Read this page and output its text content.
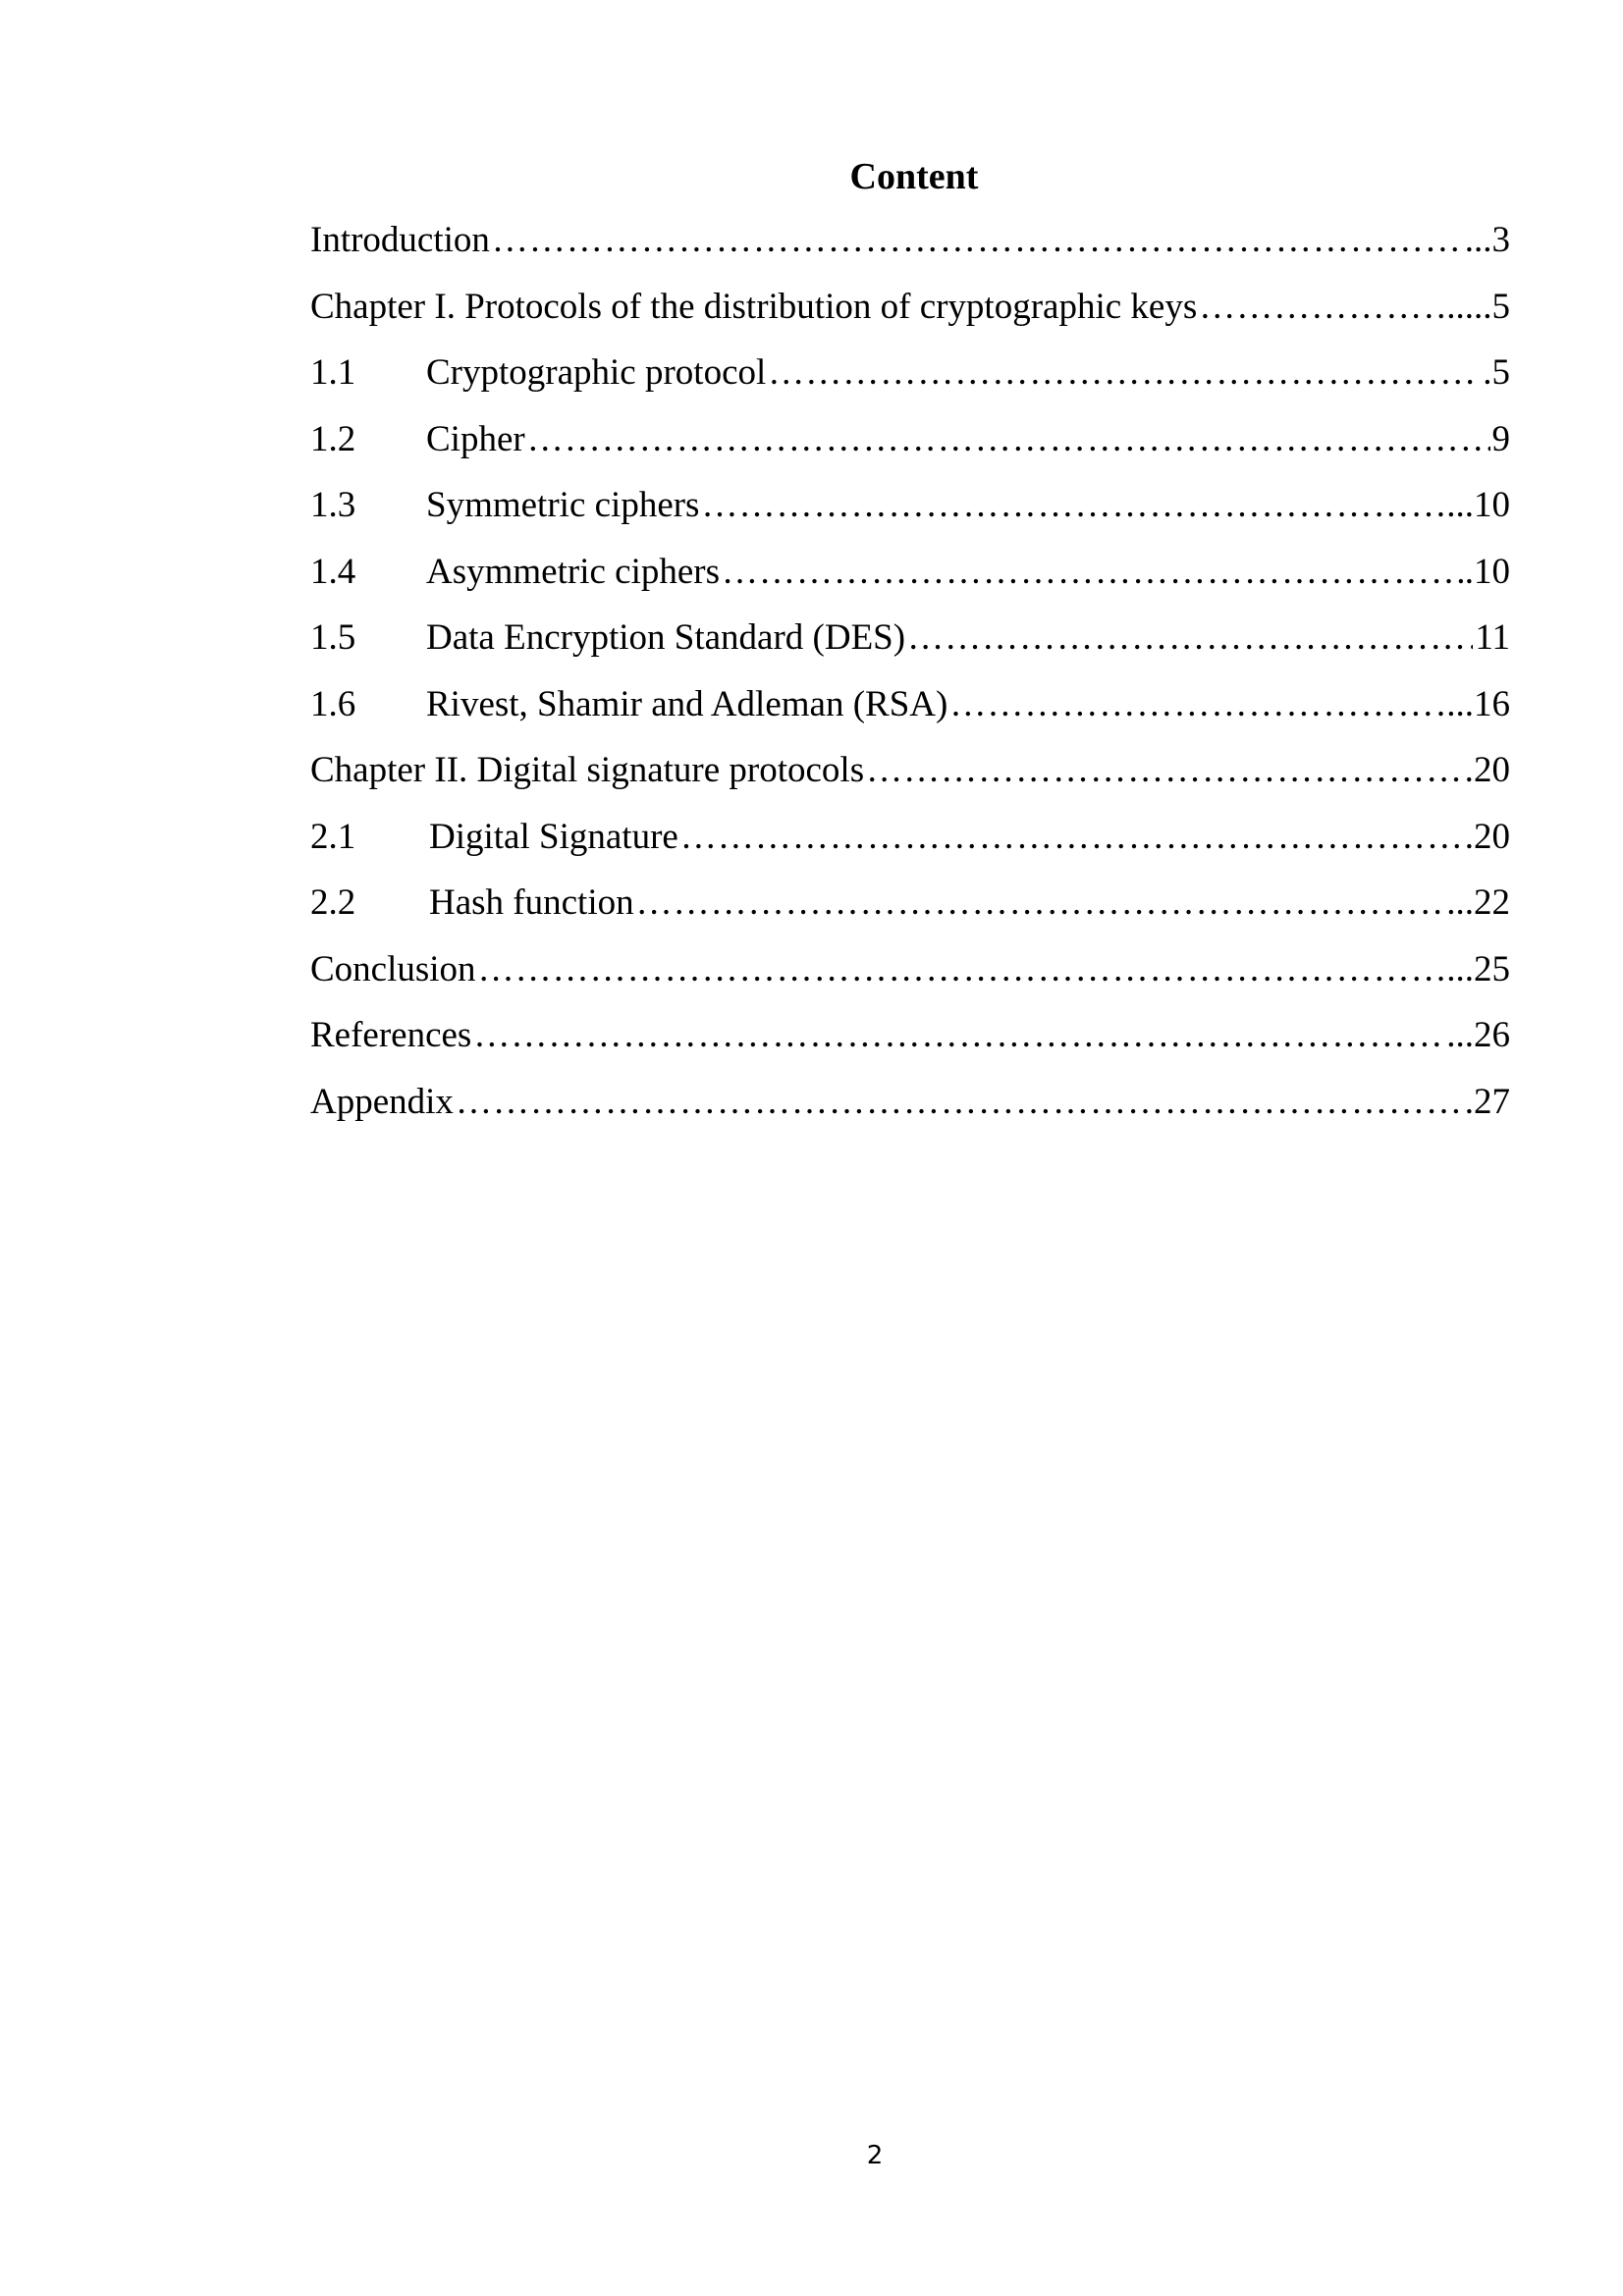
Content
Introduction …………………………………………………………………………………………………………………………………………………………………………………………………………	...3
Chapter I. Protocols of the distribution of cryptographic keys …………………………………………………………………………………………………………………………………………………………………………………………………………	.....5
1.1	Cryptographic protocol …………………………………………………………………………………………………………………………………………………………………………………………………………	.5
1.2	Cipher …………………………………………………………………………………………………………………………………………………………………………………………………………	9
1.3	Symmetric ciphers …………………………………………………………………………………………………………………………………………………………………………………………………………	...10
1.4	Asymmetric ciphers …………………………………………………………………………………………………………………………………………………………………………………………………………	.10
1.5	Data Encryption Standard (DES) …………………………………………………………………………………………………………………………………………………………………………………………………………	11
1.6	Rivest, Shamir and Adleman (RSA) …………………………………………………………………………………………………………………………………………………………………………………………………………	...16
Chapter II. Digital signature protocols …………………………………………………………………………………………………………………………………………………………………………………………………………	20
2.1	Digital Signature …………………………………………………………………………………………………………………………………………………………………………………………………………	.20
2.2	Hash function …………………………………………………………………………………………………………………………………………………………………………………………………………	...22
Conclusion …………………………………………………………………………………………………………………………………………………………………………………………………………	...25
References …………………………………………………………………………………………………………………………………………………………………………………………………………	...26
Appendix …………………………………………………………………………………………………………………………………………………………………………………………………………	.27
2
